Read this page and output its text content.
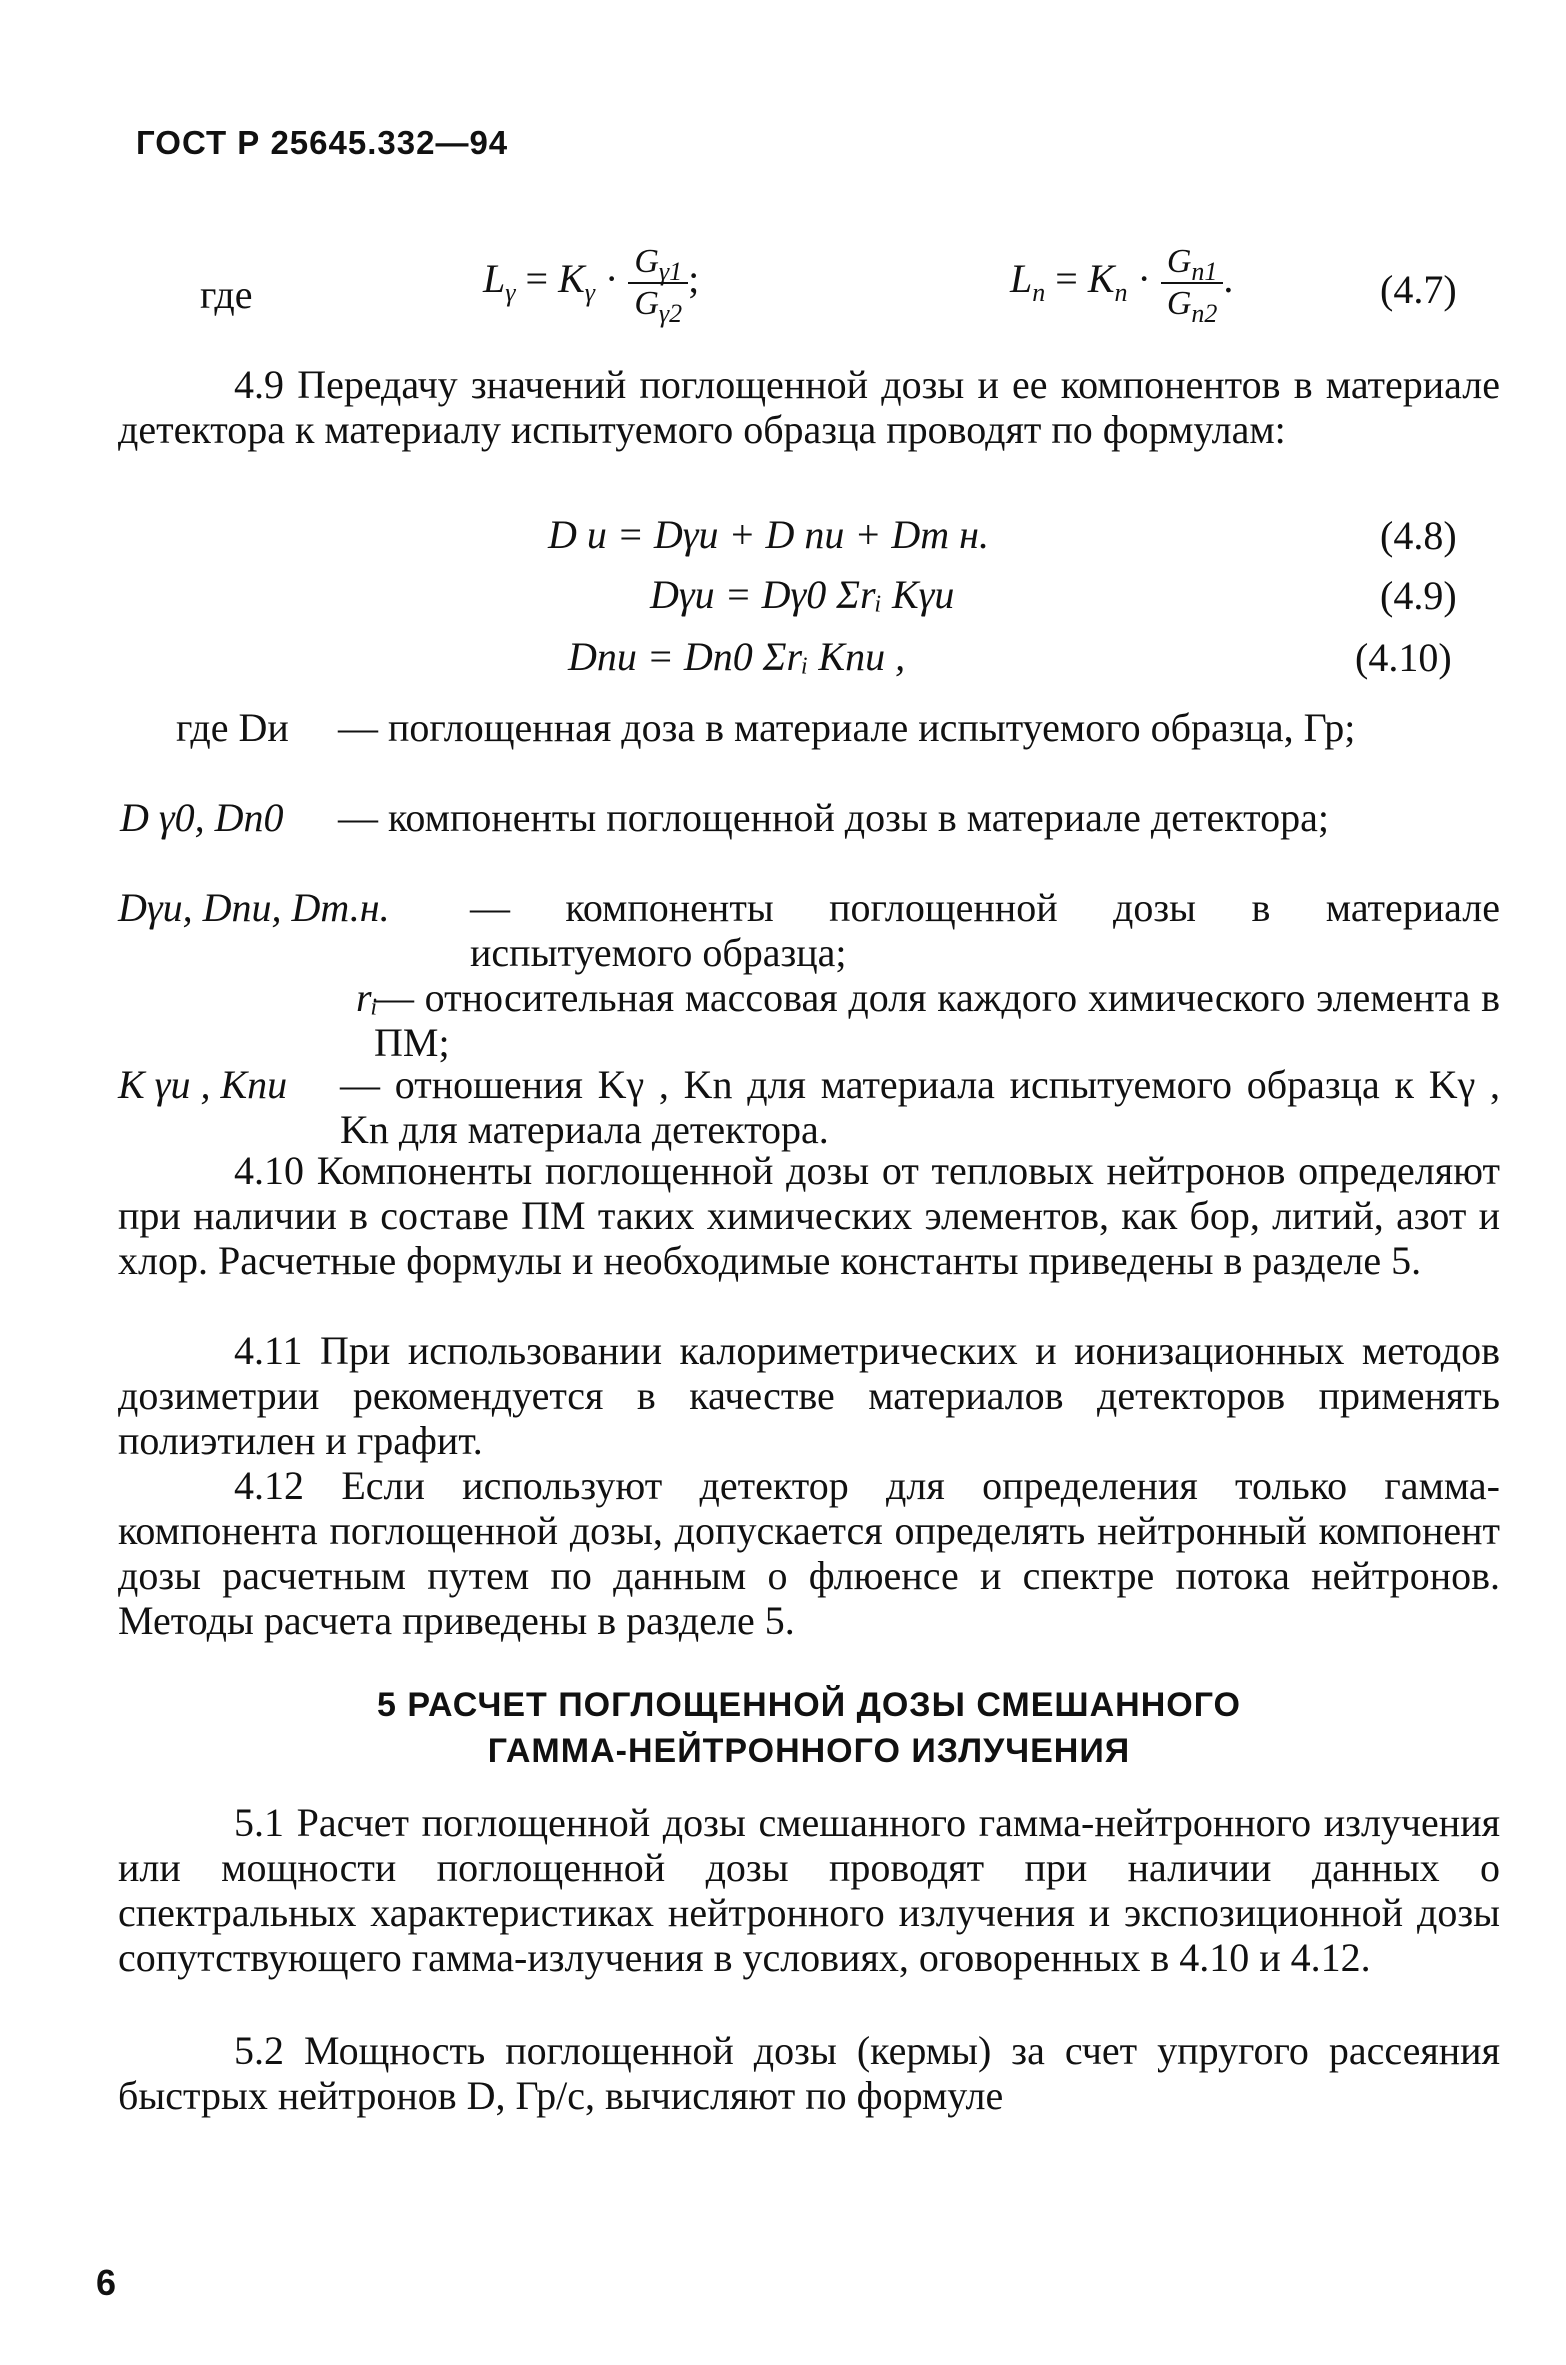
ГОСТ Р 25645.332—94
где	$L_\gamma = K_\gamma \cdot \frac{G_{\gamma 1}}{G_{\gamma 2}}$ ;	$L_n = K_n \cdot \frac{G_{n1}}{G_{n2}}$ .	(4.7)
4.9 Передачу значений поглощенной дозы и ее компонентов в материале детектора к материалу испытуемого образца проводят по формулам:
D и = Dγи + D nи + Dт н.	(4.8)
Dγи = Dγ0 Σrᵢ Kγи	(4.9)
Dnи = Dn0 Σrᵢ Knи ,	(4.10)
где Dи — поглощенная доза в материале испытуемого образца, Гр;
D γ0, Dn0 — компоненты поглощенной дозы в материале детектора;
Dγи, Dnи, Dт.н. — компоненты поглощенной дозы в материале испытуемого образца;
rᵢ
— относительная массовая доля каждого химического элемента в ПМ;
K γи , Knи — отношения Kγ , Kn для материала испытуемого образца к Kγ , Kn для материала детектора.
4.10 Компоненты поглощенной дозы от тепловых нейтронов определяют при наличии в составе ПМ таких химических элементов, как бор, литий, азот и хлор. Расчетные формулы и необходимые константы приведены в разделе 5.
4.11 При использовании калориметрических и ионизационных методов дозиметрии рекомендуется в качестве материалов детекторов применять полиэтилен и графит.
4.12 Если используют детектор для определения только гамма-компонента поглощенной дозы, допускается определять нейтронный компонент дозы расчетным путем по данным о флюенсе и спектре потока нейтронов. Методы расчета приведены в разделе 5.
5 РАСЧЕТ ПОГЛОЩЕННОЙ ДОЗЫ СМЕШАННОГО
ГАММА-НЕЙТРОННОГО ИЗЛУЧЕНИЯ
5.1 Расчет поглощенной дозы смешанного гамма-нейтронного излучения или мощности поглощенной дозы проводят при наличии данных о спектральных характеристиках нейтронного излучения и экспозиционной дозы сопутствующего гамма-излучения в условиях, оговоренных в 4.10 и 4.12.
5.2 Мощность поглощенной дозы (кермы) за счет упругого рассеяния быстрых нейтронов D, Гр/с, вычисляют по формуле
6
